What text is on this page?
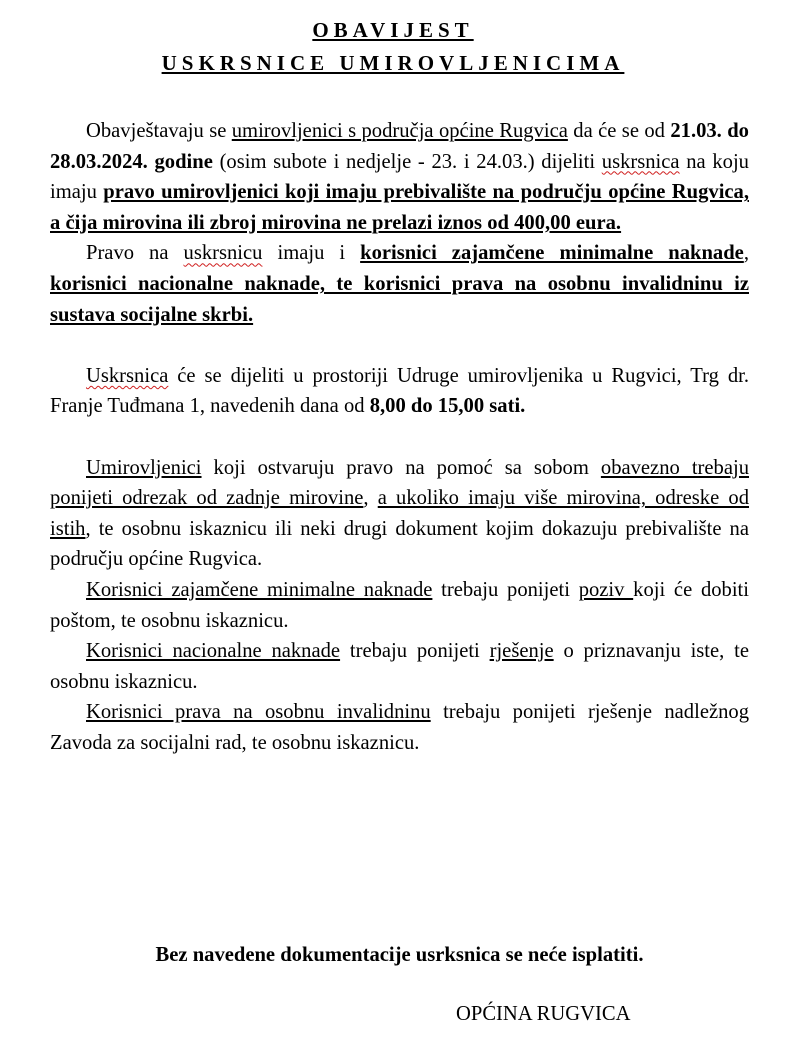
OBAVIJEST
USKRSNICE UMIROVLJENICIMA

Obavještavaju se umirovljenici s područja općine Rugvica da će se od 21.03. do 28.03.2024. godine (osim subote i nedjelje - 23. i 24.03.) dijeliti uskrsnica na koju imaju pravo umirovljenici koji imaju prebivalište na području općine Rugvica, a čija mirovina ili zbroj mirovina ne prelazi iznos od 400,00 eura.

Pravo na uskrsnicu imaju i korisnici zajamčene minimalne naknade, korisnici nacionalne naknade, te korisnici prava na osobnu invalidninu iz sustava socijalne skrbi.

Uskrsnica će se dijeliti u prostoriji Udruge umirovljenika u Rugvici, Trg dr. Franje Tuđmana 1, navedenih dana od 8,00 do 15,00 sati.

Umirovljenici koji ostvaruju pravo na pomoć sa sobom obavezno trebaju ponijeti odrezak od zadnje mirovine, a ukoliko imaju više mirovina, odreske od istih, te osobnu iskaznicu ili neki drugi dokument kojim dokazuju prebivalište na području općine Rugvica.

Korisnici zajamčene minimalne naknade trebaju ponijeti poziv koji će dobiti poštom, te osobnu iskaznicu.

Korisnici nacionalne naknade trebaju ponijeti rješenje o priznavanju iste, te osobnu iskaznicu.

Korisnici prava na osobnu invalidninu trebaju ponijeti rješenje nadležnog Zavoda za socijalni rad, te osobnu iskaznicu.

Bez navedene dokumentacije usrksnica se neće isplatiti.
OPĆINA RUGVICA
